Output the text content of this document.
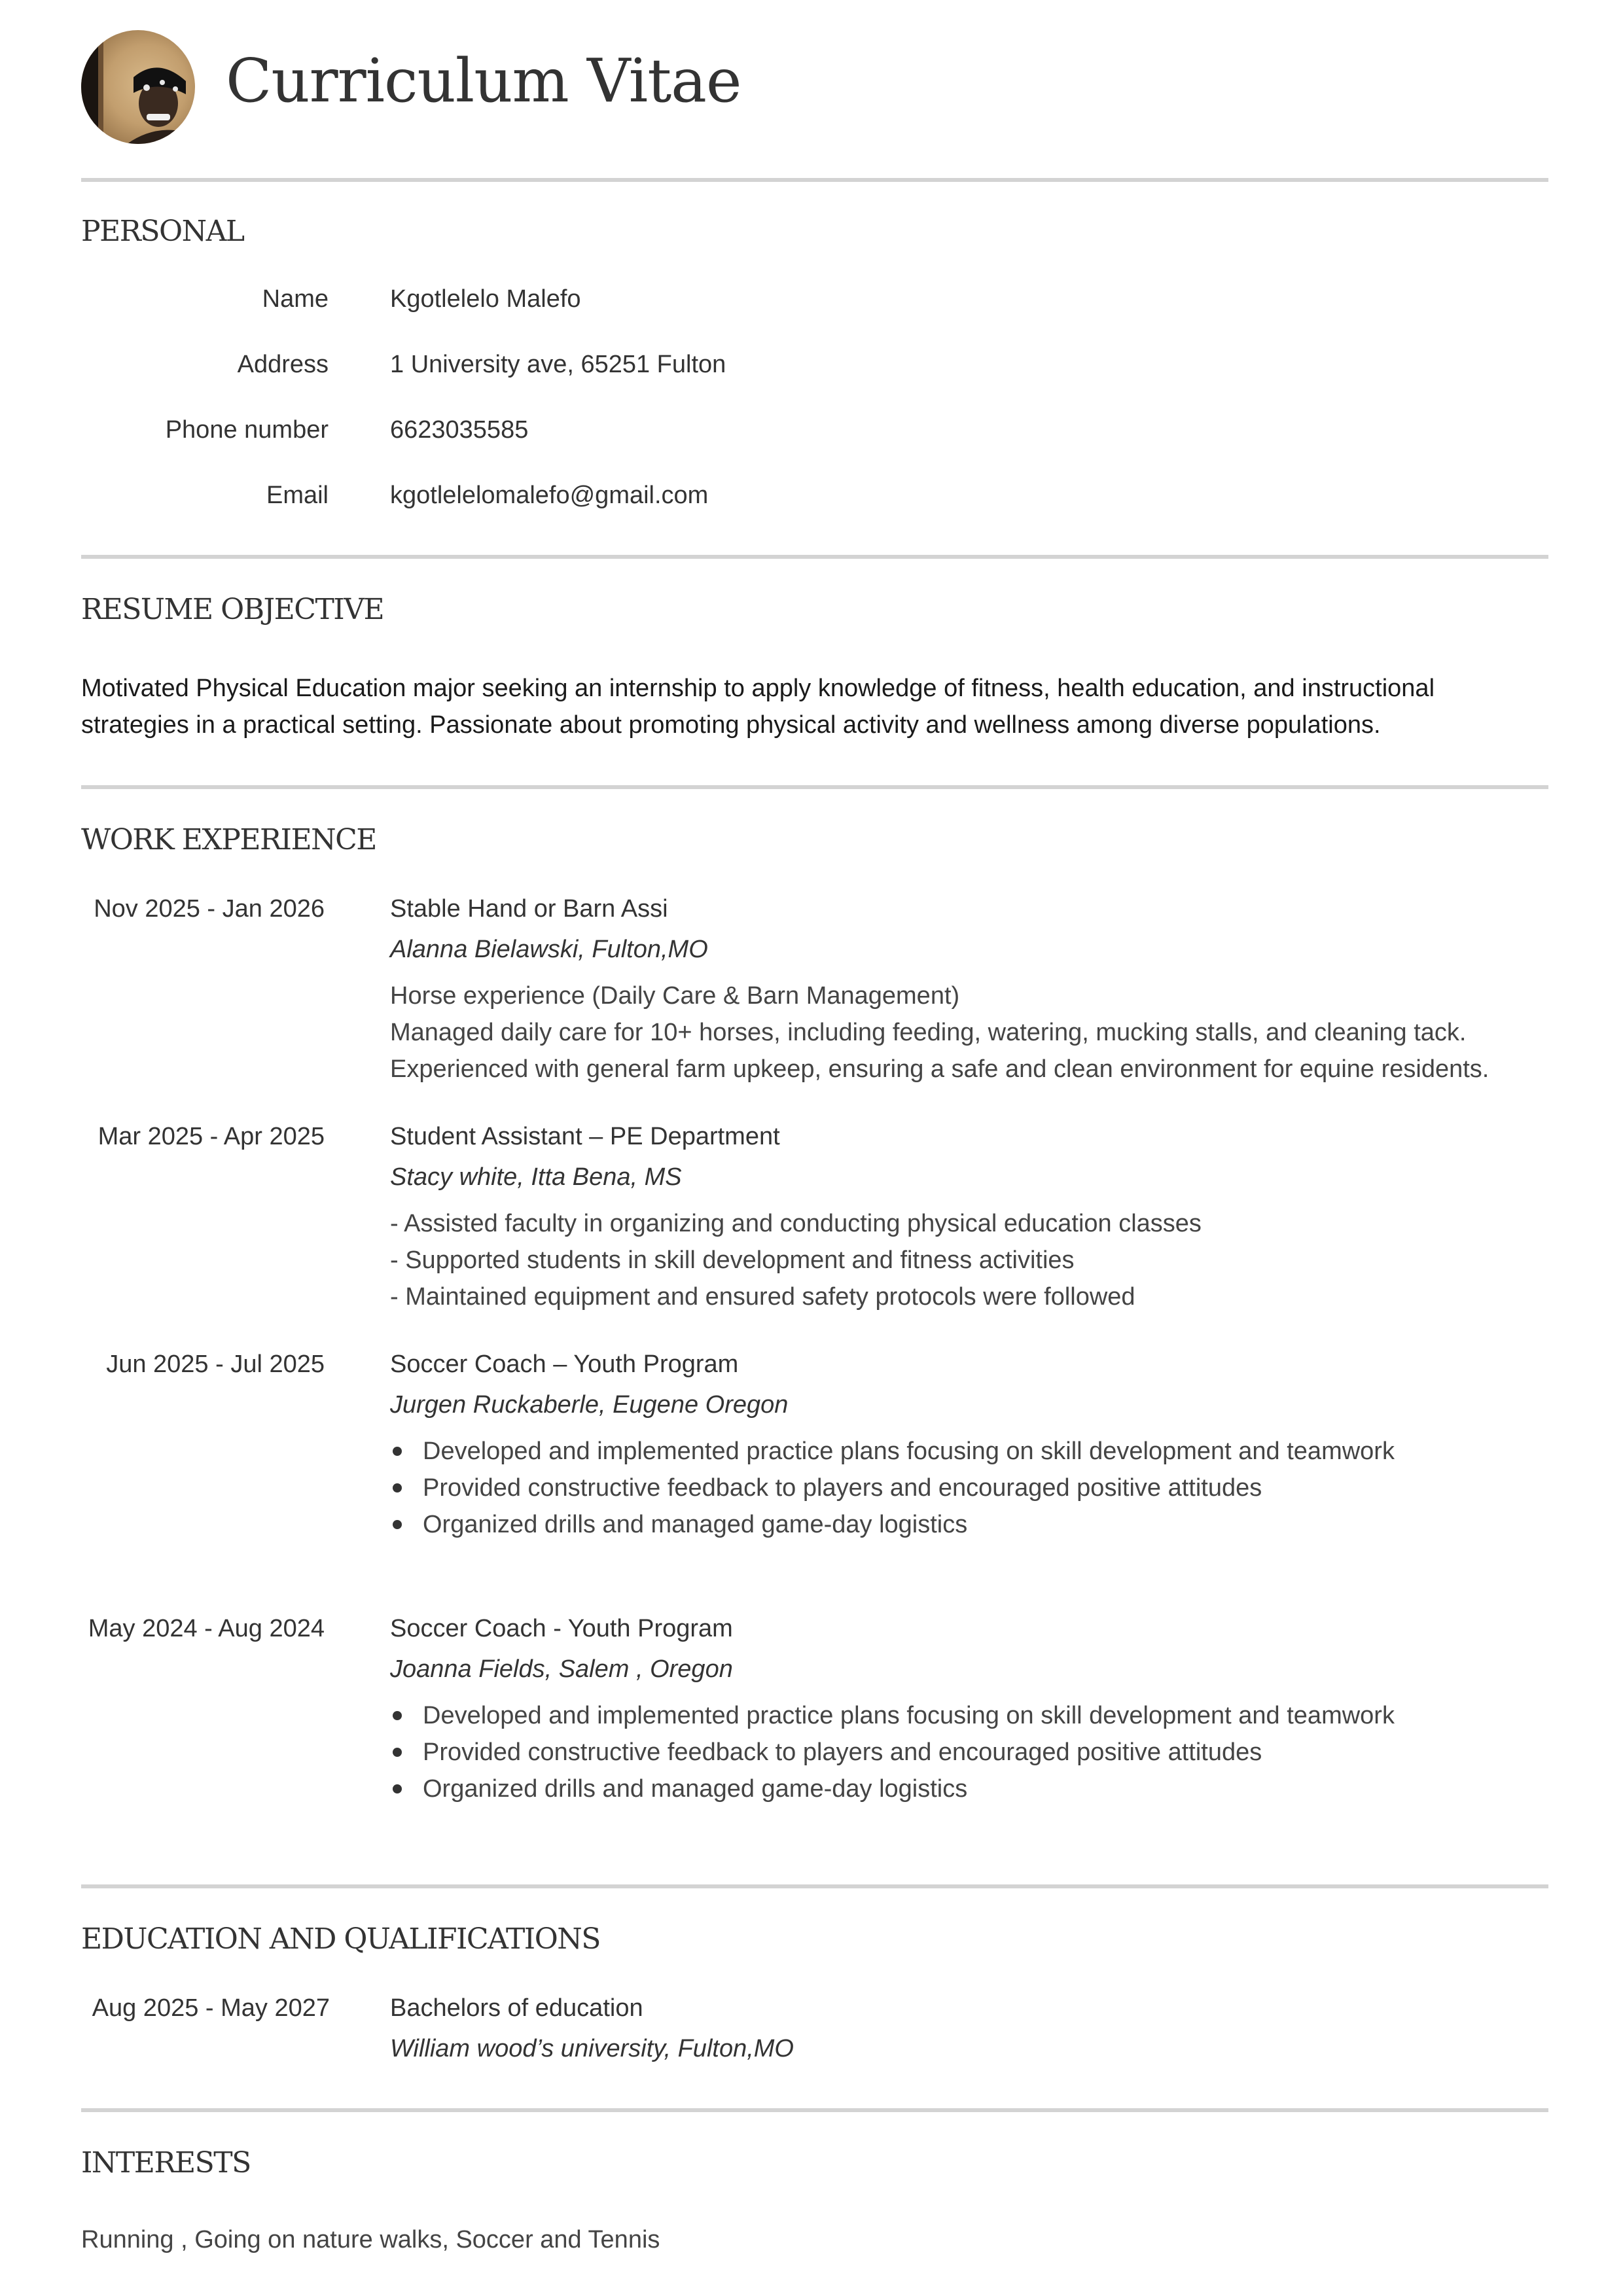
Curriculum Vitae
PERSONAL
Name Kgotlelelo Malefo
Address 1 University ave, 65251 Fulton
Phone number 6623035585
Email kgotlelelomalefo@gmail.com
RESUME OBJECTIVE
Motivated Physical Education major seeking an internship to apply knowledge of fitness, health education, and instructional
strategies in a practical setting. Passionate about promoting physical activity and wellness among diverse populations.
WORK EXPERIENCE
Nov 2025 - Jan 2026	Stable Hand or Barn Assi
Alanna Bielawski, Fulton,MO
Horse experience (Daily Care & Barn Management)
Managed daily care for 10+ horses, including feeding, watering, mucking stalls, and cleaning tack.
Experienced with general farm upkeep, ensuring a safe and clean environment for equine residents.
Mar 2025 - Apr 2025	Student Assistant – PE Department
Stacy white, Itta Bena, MS
- Assisted faculty in organizing and conducting physical education classes
- Supported students in skill development and fitness activities
- Maintained equipment and ensured safety protocols were followed
Jun 2025 - Jul 2025	Soccer Coach – Youth Program
Jurgen Ruckaberle, Eugene Oregon
Developed and implemented practice plans focusing on skill development and teamwork
Provided constructive feedback to players and encouraged positive attitudes
Organized drills and managed game-day logistics
May 2024 - Aug 2024	Soccer Coach - Youth Program
Joanna Fields, Salem , Oregon
Developed and implemented practice plans focusing on skill development and teamwork
Provided constructive feedback to players and encouraged positive attitudes
Organized drills and managed game-day logistics
EDUCATION AND QUALIFICATIONS
Aug 2025 - May 2027 Bachelors of education
William wood’s university, Fulton,MO
INTERESTS
Running , Going on nature walks, Soccer and Tennis
